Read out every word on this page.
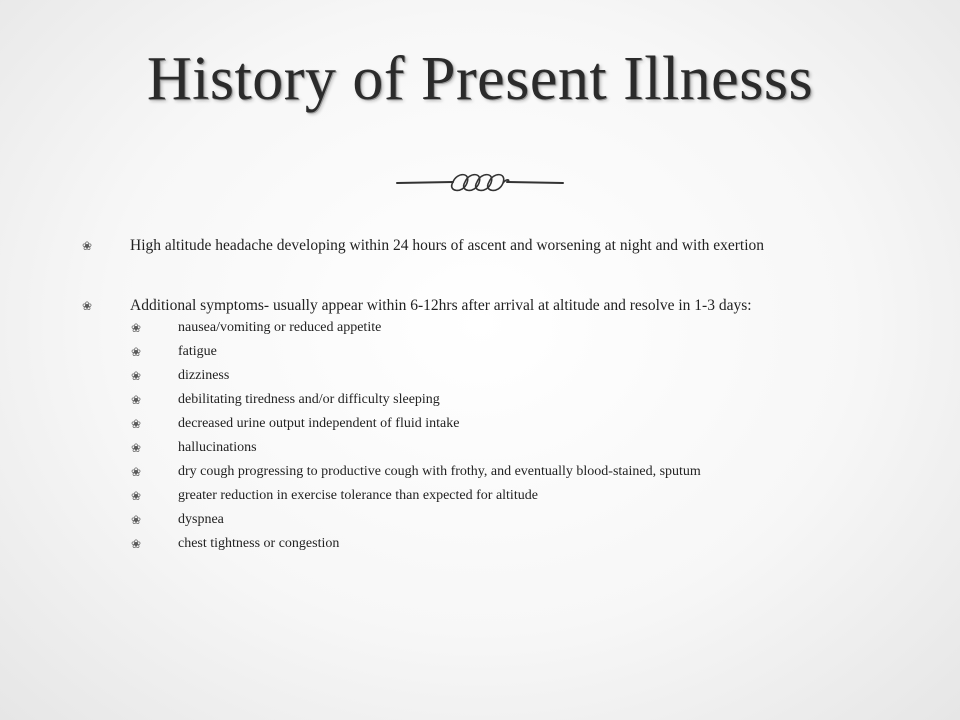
History of Present Illnesss
❀	High altitude headache developing within 24 hours of ascent and worsening at night and with exertion
❀	Additional symptoms- usually appear within 6-12hrs after arrival at altitude and resolve in 1-3 days:
❀	nausea/vomiting or reduced appetite
❀	fatigue
❀	dizziness
❀	debilitating tiredness and/or difficulty sleeping
❀	decreased urine output independent of fluid intake
❀	hallucinations
❀	dry cough progressing to productive cough with frothy, and eventually blood-stained, sputum
❀	greater reduction in exercise tolerance than expected for altitude
❀	dyspnea
❀	chest tightness or congestion
